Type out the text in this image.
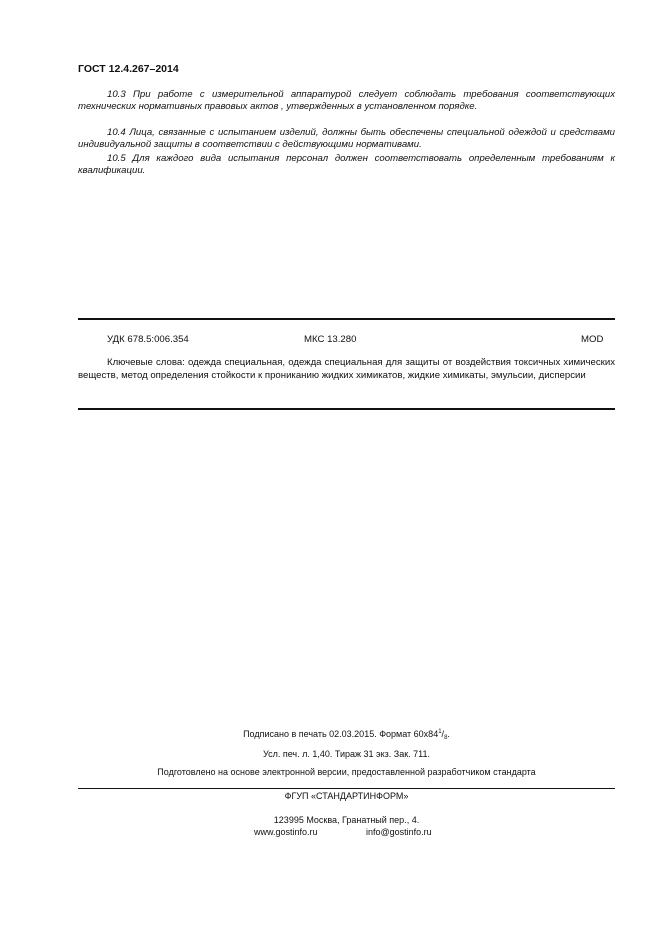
ГОСТ 12.4.267–2014

10.3 При работе с измерительной аппаратурой следует соблюдать требования соответствующих технических нормативных правовых актов , утвержденных в установленном порядке.

10.4 Лица, связанные с испытанием изделий, должны быть обеспечены специальной одеждой и средствами индивидуальной защиты в соответствии с действующими нормативами.

10.5 Для каждого вида испытания персонал должен соответствовать определенным требованиям к квалификации.

УДК 678.5:006.354	МКС 13.280	MOD

Ключевые слова: одежда специальная, одежда специальная для защиты от воздействия токсичных химических веществ, метод определения стойкости к прониканию жидких химикатов, жидкие химикаты, эмульсии, дисперсии

Подписано в печать 02.03.2015. Формат $60х84^1/_8$.
Усл. печ. л. 1,40. Тираж 31 экз. Зак. 711.
Подготовлено на основе электронной версии, предоставленной разработчиком стандарта
ФГУП «СТАНДАРТИНФОРМ»
123995 Москва, Гранатный пер., 4.
www.gostinfo.ru	info@gostinfo.ru
